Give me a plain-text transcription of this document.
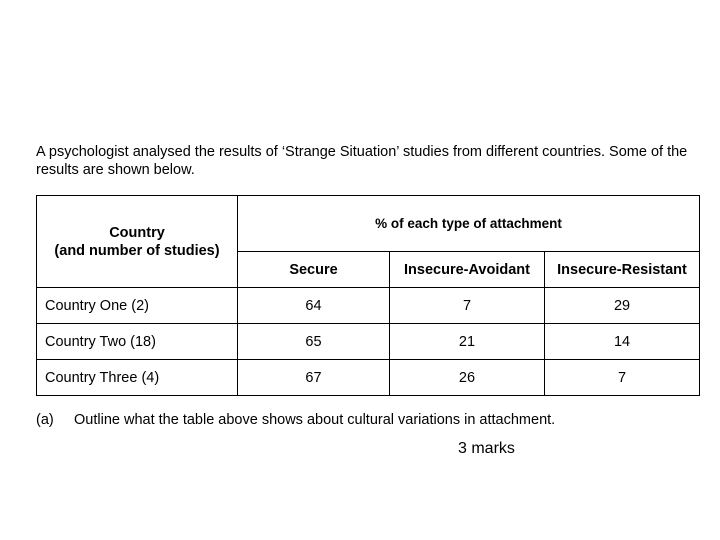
A psychologist analysed the results of ‘Strange Situation’ studies from different countries. Some of the results are shown below.

Country
(and number of studies)	% of each type of attachment		
	Secure	Insecure-Avoidant	Insecure-Resistant
Country One (2)	64	7	29
Country Two (18)	65	21	14
Country Three (4)	67	26	7

(a) Outline what the table above shows about cultural variations in attachment.

3 marks
